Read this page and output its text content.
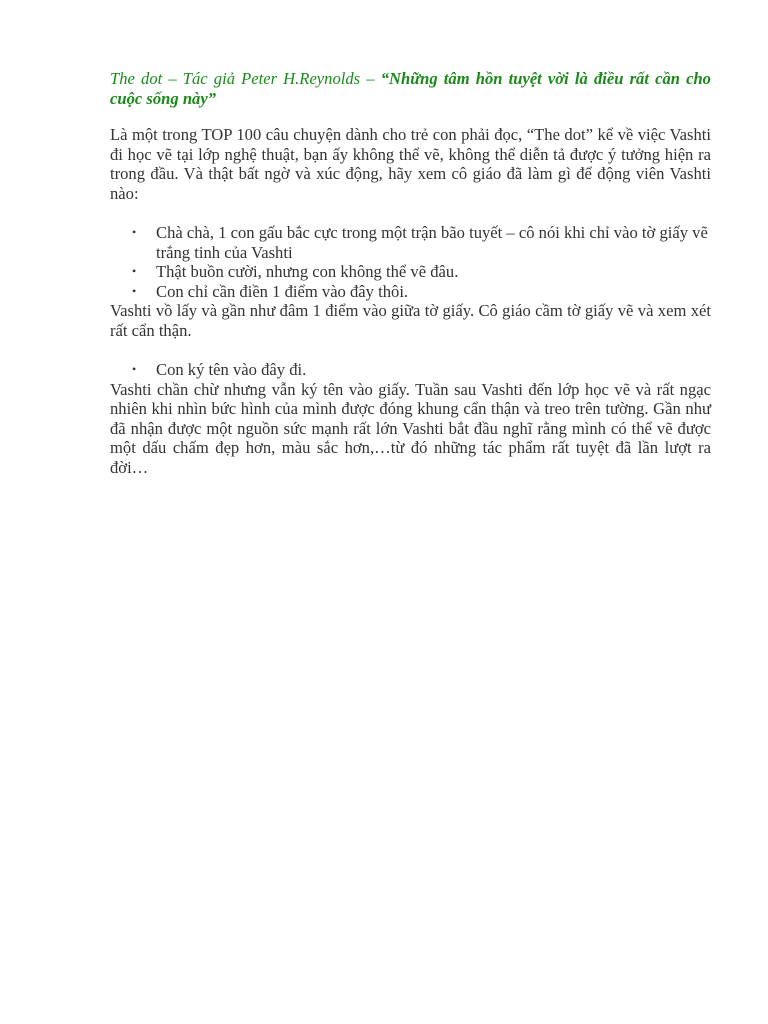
The dot – Tác giả Peter H.Reynolds – “Những tâm hồn tuyệt vời là điều rất cần cho cuộc sống này”

Là một trong TOP 100 câu chuyện dành cho trẻ con phải đọc, “The dot” kể về việc Vashti đi học vẽ tại lớp nghệ thuật, bạn ấy không thể vẽ, không thể diễn tả được ý tưởng hiện ra trong đầu. Và thật bất ngờ và xúc động, hãy xem cô giáo đã làm gì để động viên Vashti nào:

• Chà chà, 1 con gấu bắc cực trong một trận bão tuyết – cô nói khi chỉ vào tờ giấy vẽ trắng tinh của Vashti
• Thật buồn cười, nhưng con không thể vẽ đâu.
• Con chỉ cần điền 1 điểm vào đây thôi.

Vashti vồ lấy và gần như đâm 1 điểm vào giữa tờ giấy. Cô giáo cầm tờ giấy vẽ và xem xét rất cẩn thận.

• Con ký tên vào đây đi.

Vashti chần chừ nhưng vẫn ký tên vào giấy. Tuần sau Vashti đến lớp học vẽ và rất ngạc nhiên khi nhìn bức hình của mình được đóng khung cẩn thận và treo trên tường. Gần như đã nhận được một nguồn sức mạnh rất lớn Vashti bắt đầu nghĩ rằng mình có thể vẽ được một dấu chấm đẹp hơn, màu sắc hơn,…từ đó những tác phẩm rất tuyệt đã lần lượt ra đời…
